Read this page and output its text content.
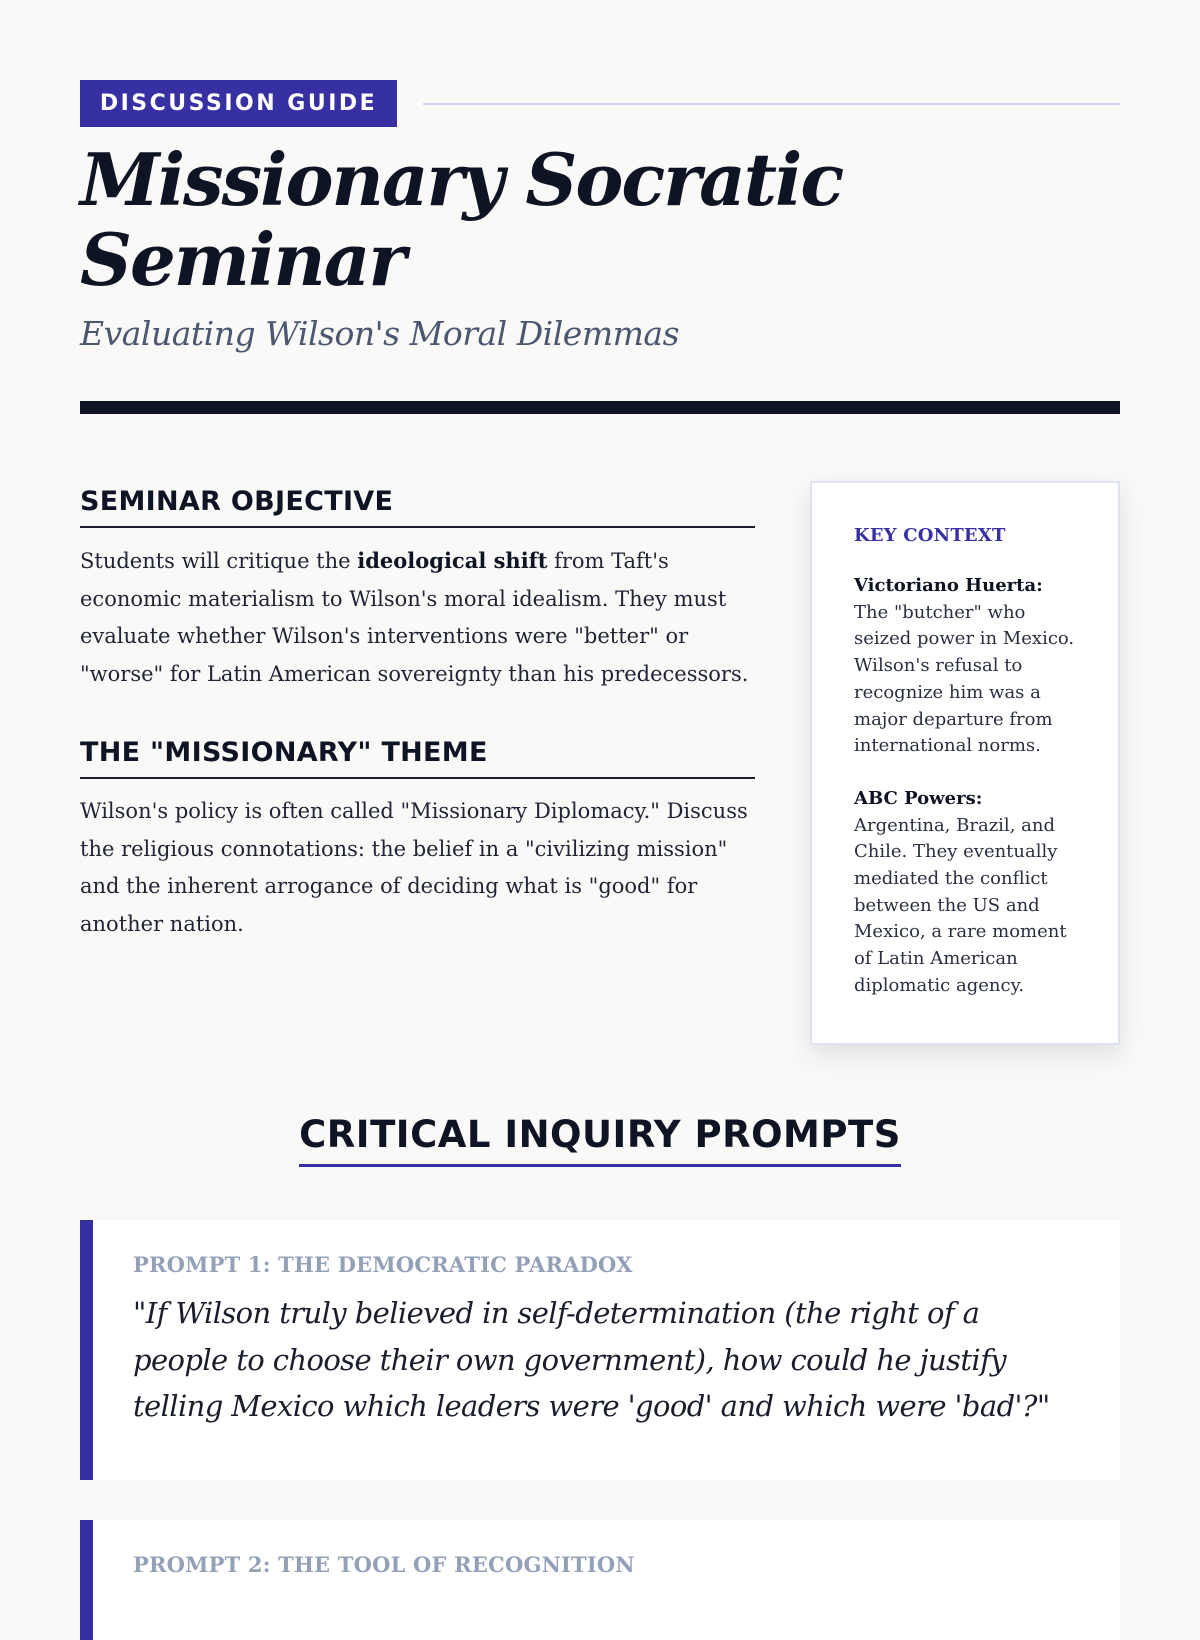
DISCUSSION GUIDE
Missionary Socratic Seminar

Evaluating Wilson's Moral Dilemmas

SEMINAR OBJECTIVE

Students will critique the ideological shift from Taft's economic materialism to Wilson's moral idealism. They must evaluate whether Wilson's interventions were "better" or "worse" for Latin American sovereignty than his predecessors.

THE "MISSIONARY" THEME

Wilson's policy is often called "Missionary Diplomacy." Discuss the religious connotations: the belief in a "civilizing mission" and the inherent arrogance of deciding what is "good" for another nation.

KEY CONTEXT

Victoriano Huerta: The "butcher" who seized power in Mexico. Wilson's refusal to recognize him was a major departure from international norms.

ABC Powers: Argentina, Brazil, and Chile. They eventually mediated the conflict between the US and Mexico, a rare moment of Latin American diplomatic agency.

CRITICAL INQUIRY PROMPTS

PROMPT 1: THE DEMOCRATIC PARADOX

"If Wilson truly believed in self-determination (the right of a people to choose their own government), how could he justify telling Mexico which leaders were 'good' and which were 'bad'?"

PROMPT 2: THE TOOL OF RECOGNITION
